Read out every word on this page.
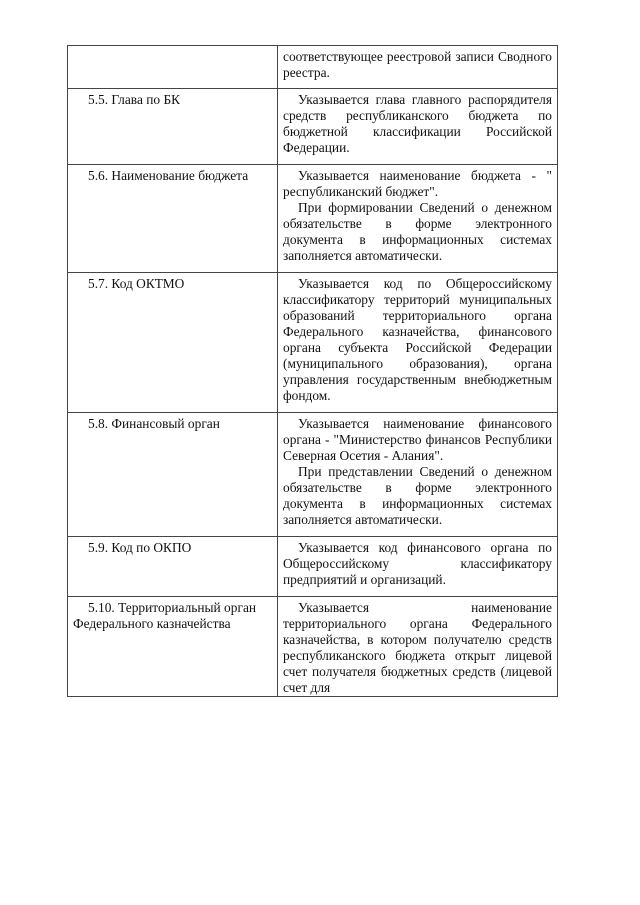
	соответствующее реестровой записи Сводного реестра.

5.5. Глава по БК	Указывается глава главного распорядителя средств республиканского бюджета по бюджетной классификации Российской Федерации.

5.6. Наименование бюджета	Указывается наименование бюджета - " республиканский бюджет".

При формировании Сведений о денежном обязательстве в форме электронного документа в информационных системах заполняется автоматически.

5.7. Код ОКТМО	Указывается код по Общероссийскому классификатору территорий муниципальных образований территориального органа Федерального казначейства, финансового органа субъекта Российской Федерации (муниципального образования), органа управления государственным внебюджетным фондом.

5.8. Финансовый орган	Указывается наименование финансового органа - "Министерство финансов Республики Северная Осетия - Алания".

При представлении Сведений о денежном обязательстве в форме электронного документа в информационных системах заполняется автоматически.

5.9. Код по ОКПО	Указывается код финансового органа по Общероссийскому классификатору предприятий и организаций.

5.10. Территориальный орган Федерального казначейства	Указывается наименование территориального органа Федерального казначейства, в котором получателю средств республиканского бюджета открыт лицевой счет получателя бюджетных средств (лицевой счет для
